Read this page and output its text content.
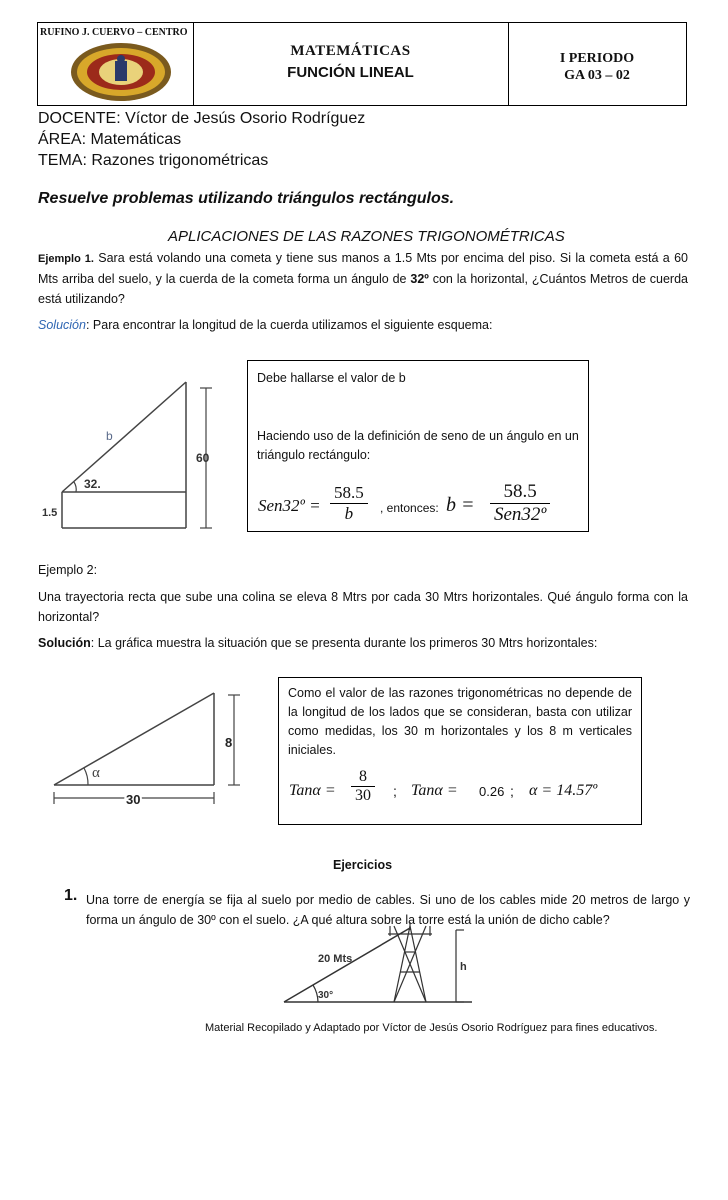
RUFINO J. CUERVO – CENTRO
MATEMÁTICAS
FUNCIÓN LINEAL
I PERIODO
GA 03 – 02
DOCENTE: Víctor de Jesús Osorio Rodríguez
ÁREA: Matemáticas
TEMA: Razones trigonométricas
Resuelve problemas utilizando triángulos rectángulos.
APLICACIONES DE LAS RAZONES TRIGONOMÉTRICAS
Ejemplo 1. Sara está volando una cometa y tiene sus manos a 1.5 Mts por encima del piso. Si la cometa está a 60 Mts arriba del suelo, y la cuerda de la cometa forma un ángulo de 32º con la horizontal, ¿Cuántos Metros de cuerda está utilizando?
Solución: Para encontrar la longitud de la cuerda utilizamos el siguiente esquema:
b
32.
60
1.5

Debe hallarse el valor de b

Haciendo uso de la definición de seno de un ángulo en un triángulo rectángulo:

Sen32º = $\frac{58.5}{b}$ , entonces: b =
58.5
Sen32º
Ejemplo 2:
Una trayectoria recta que sube una colina se eleva 8 Mtrs por cada 30 Mtrs horizontales. Qué ángulo forma con la horizontal?
Solución: La gráfica muestra la situación que se presenta durante los primeros 30 Mtrs horizontales:
α
8
30

Como el valor de las razones trigonométricas no depende de la longitud de los lados que se consideran, basta con utilizar como medidas, los 30 m horizontales y los 8 m verticales iniciales.

$Tan\alpha = \frac{8}{30}$ ; Tanα = 0.26 ; α = 14.57º
Ejercicios
1. Una torre de energía se fija al suelo por medio de cables. Si uno de los cables mide 20 metros de largo y forma un ángulo de 30º con el suelo. ¿A qué altura sobre la torre está la unión de dicho cable?
20 Mts
30°
h
Material Recopilado y Adaptado por Víctor de Jesús Osorio Rodríguez para fines educativos.
